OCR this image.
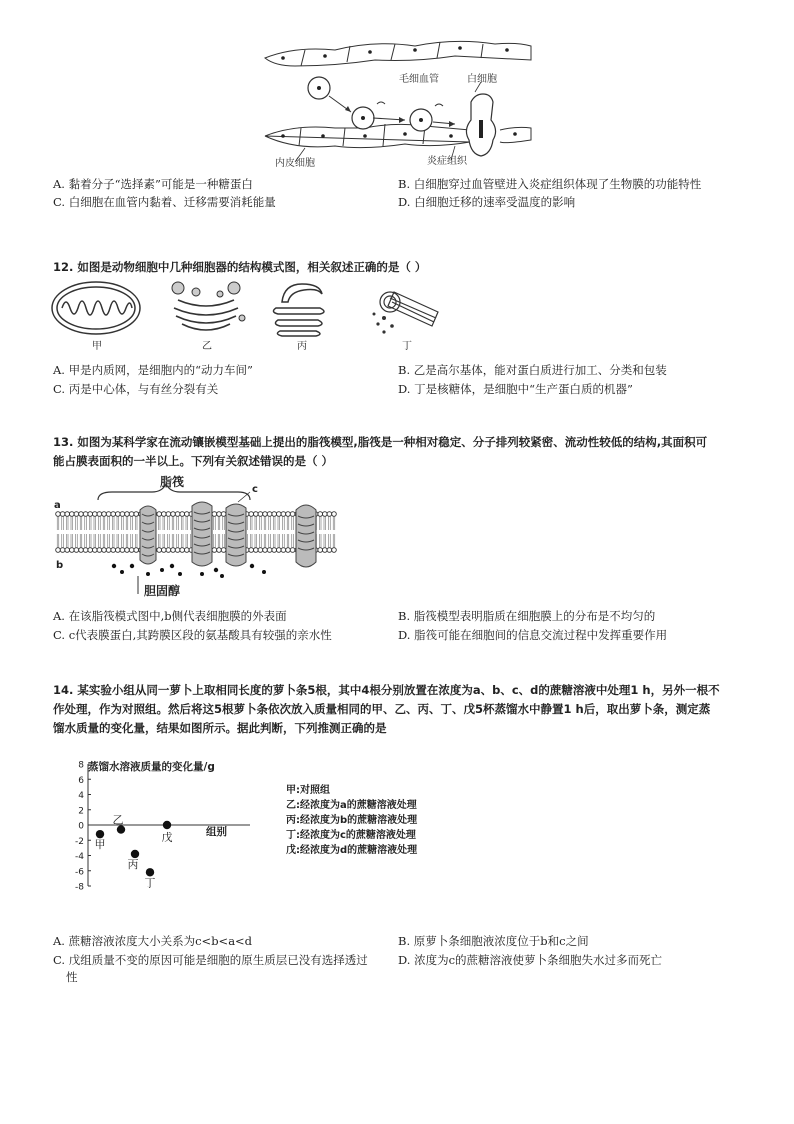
毛细血管	白细胞
内皮细胞	炎症组织
A. 黏着分子“选择素”可能是一种糖蛋白	B. 白细胞穿过血管壁进入炎症组织体现了生物膜的功能特性
C. 白细胞在血管内黏着、迁移需要消耗能量	D. 白细胞迁移的速率受温度的影响
12. 如图是动物细胞中几种细胞器的结构模式图，相关叙述正确的是（ ）
甲	乙	丙	丁
A. 甲是内质网，是细胞内的“动力车间”	B. 乙是高尔基体，能对蛋白质进行加工、分类和包装
C. 丙是中心体，与有丝分裂有关	D. 丁是核糖体，是细胞中“生产蛋白质的机器”
13. 如图为某科学家在流动镶嵌模型基础上提出的脂筏模型,脂筏是一种相对稳定、分子排列较紧密、流动性较低的结构,其面积可
能占膜表面积的一半以上。下列有关叙述错误的是（ ）
脂筏
a
b
c
胆固醇
A. 在该脂筏模式图中,b侧代表细胞膜的外表面	B. 脂筏模型表明脂质在细胞膜上的分布是不均匀的
C. c代表膜蛋白,其跨膜区段的氨基酸具有较强的亲水性	D. 脂筏可能在细胞间的信息交流过程中发挥重要作用
14. 某实验小组从同一萝卜上取相同长度的萝卜条5根，其中4根分别放置在浓度为a、b、c、d的蔗糖溶液中处理1 h，另外一根不
作处理，作为对照组。然后将这5根萝卜条依次放入质量相同的甲、乙、丙、丁、戊5杯蒸馏水中静置1 h后，取出萝卜条，测定蒸
馏水质量的变化量，结果如图所示。据此判断，下列推测正确的是
8
6
4
2
0
-2
-4
-6
-8
甲
乙
丙
丁
戊
蒸馏水溶液质量的变化量/g
组别
甲:对照组
乙:经浓度为a的蔗糖溶液处理
丙:经浓度为b的蔗糖溶液处理
丁:经浓度为c的蔗糖溶液处理
戊:经浓度为d的蔗糖溶液处理
A. 蔗糖溶液浓度大小关系为c<b<a<d	B. 原萝卜条细胞液浓度位于b和c之间
C. 戊组质量不变的原因可能是细胞的原生质层已没有选择透过
性
D. 浓度为c的蔗糖溶液使萝卜条细胞失水过多而死亡
